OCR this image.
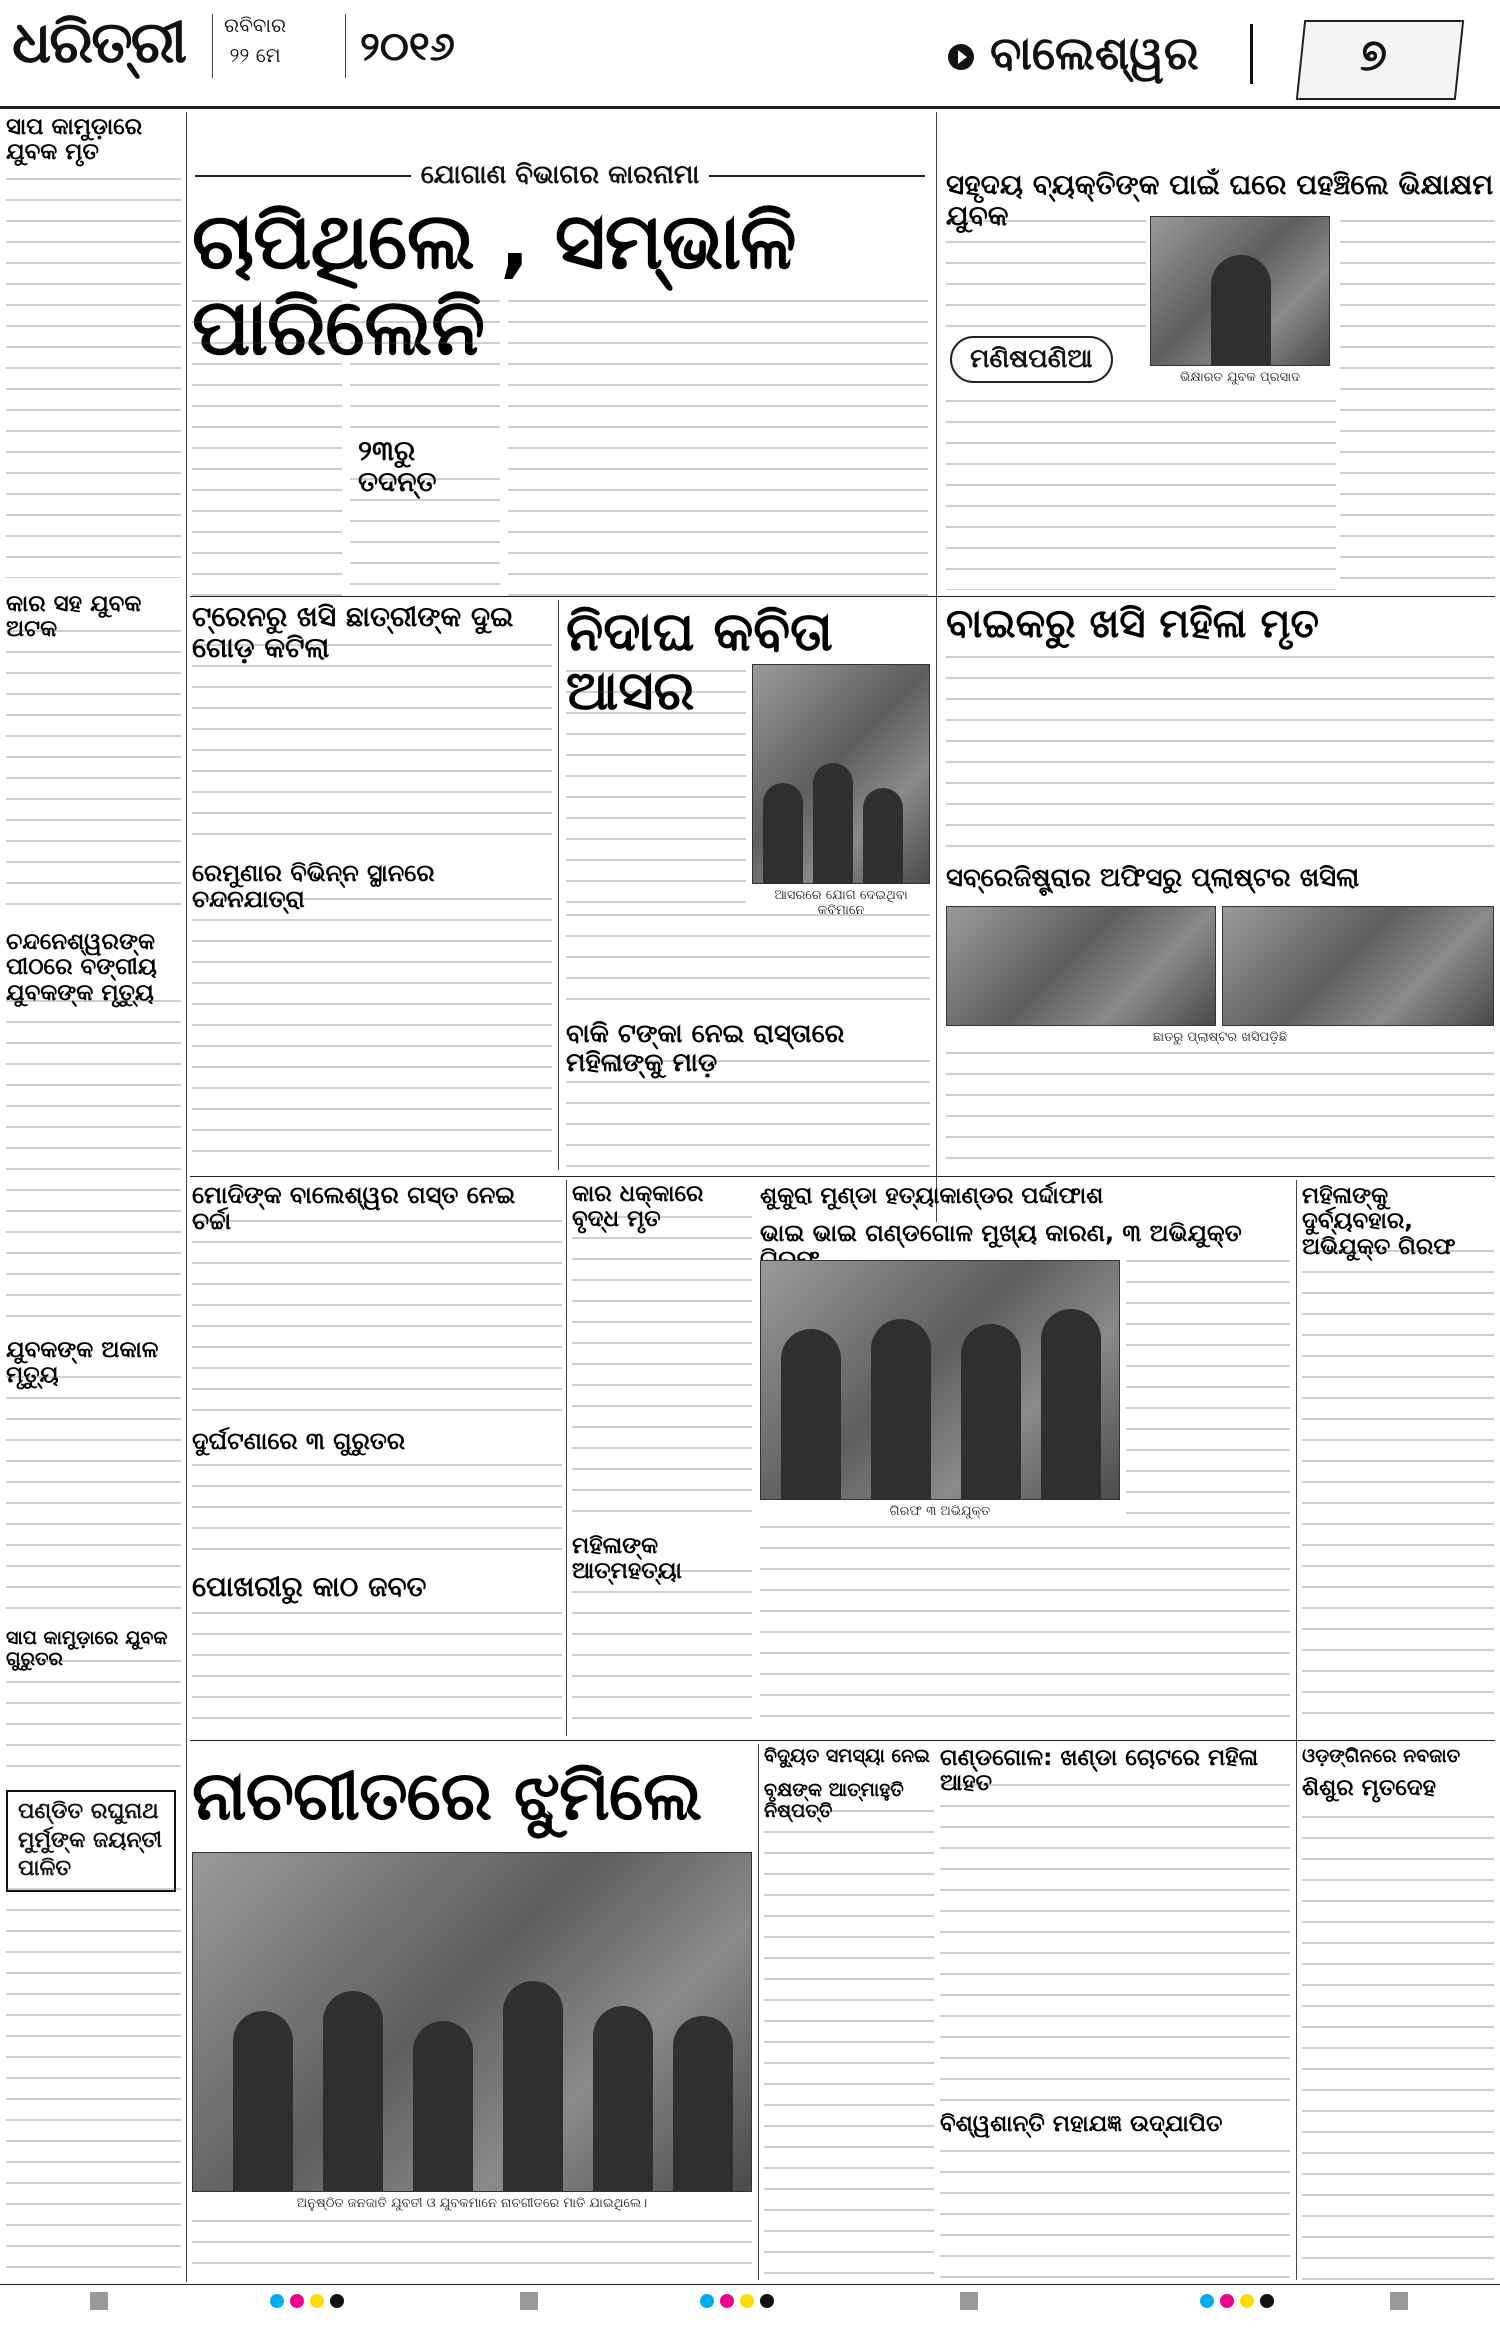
ଧରିତ୍ରୀ ରବିବାର
୨୨ ମେ ୨୦୧୬	ବାଲେଶ୍ୱର	୭
ସାପ କାମୁଡ଼ାରେ ଯୁବକ ମୃତ
କାର ସହ ଯୁବକ ଅଟକ
ଚନ୍ଦନେଶ୍ୱରଙ୍କ ପୀଠରେ ବଙ୍ଗୀୟ ଯୁବକଙ୍କ ମୃତ୍ୟୁ
ଯୁବକଙ୍କ ଅକାଳ ମୃତ୍ୟୁ
ସାପ କାମୁଡ଼ାରେ ଯୁବକ ଗୁରୁତର
ପଣ୍ଡିତ ରଘୁନାଥ ମୁର୍ମୁଙ୍କ ଜୟନ୍ତୀ ପାଳିତ
ଯୋଗାଣ ବିଭାଗର କାରନାମା
ଚାପିଥିଲେ , ସମ୍ଭାଳି ପାରିଲେନି
୨୩ରୁ ତଦନ୍ତ
ସହୃଦୟ ବ୍ୟକ୍ତିଙ୍କ ପାଇଁ ଘରେ ପହଞ୍ଚିଲେ ଭିକ୍ଷାକ୍ଷମ ଯୁବକ
ମଣିଷପଣିଆ
ଭିକ୍ଷାରତ ଯୁବକ ପ୍ରସାଦ
ଟ୍ରେନରୁ ଖସି ଛାତ୍ରୀଙ୍କ ଦୁଇ ଗୋଡ଼ କଟିଲା
ରେମୁଣାର ବିଭିନ୍ନ ସ୍ଥାନରେ ଚନ୍ଦନଯାତ୍ରା
ନିଦାଘ କବିତା ଆସର
ଆସରରେ ଯୋଗ ଦେଇଥିବା କବିମାନେ
ବାକି ଟଙ୍କା ନେଇ ରାସ୍ତାରେ ମହିଳାଙ୍କୁ ମାଡ଼
ବାଇକରୁ ଖସି ମହିଳା ମୃତ
ସବ୍‌ରେଜିଷ୍ଟ୍ରାର ଅଫିସରୁ ପ୍ଲାଷ୍ଟର ଖସିଲା
ଛାତରୁ ପ୍ଲାଷ୍ଟର ଖସିପଡ଼ିଛି
ମୋଦିଙ୍କ ବାଲେଶ୍ୱର ଗସ୍ତ ନେଇ ଚର୍ଚ୍ଚା
ଦୁର୍ଘଟଣାରେ ୩ ଗୁରୁତର
ପୋଖରୀରୁ କାଠ ଜବତ
କାର ଧକ୍କାରେ ବୃଦ୍ଧ ମୃତ
ମହିଳାଙ୍କ ଆତ୍ମହତ୍ୟା
ଶୁକୁରା ମୁଣ୍ଡା ହତ୍ୟାକାଣ୍ଡର ପର୍ଦ୍ଦାଫାଶ
ଭାଇ ଭାଇ ଗଣ୍ଡଗୋଳ ମୁଖ୍ୟ କାରଣ, ୩ ଅଭିଯୁକ୍ତ
ଗିରଫ ୩ ଅଭିଯୁକ୍ତ
ମହିଳାଙ୍କୁ ଦୁର୍ବ୍ୟବହାର, ଅଭିଯୁକ୍ତ ଗିରଫ
ନାଚଗୀତରେ ଝୁମିଲେ
ଅନୁଷ୍ଠିତ ଜନଜାତି ଯୁବତୀ ଓ ଯୁବକମାନେ ନାଚଗୀତରେ ମାତି ଯାଇଥିଲେ।
ବିଦ୍ୟୁତ ସମସ୍ୟା ନେଇ ଗଣ୍ଡଗୋଳ: ଖଣ୍ଡା ଚୋଟରେ ମହିଳା ଆହତ
ବୃକ୍ଷଙ୍କ ଆତ୍ମାହୁତି ନିଷ୍ପତ୍ତି
ବିଶ୍ୱଶାନ୍ତି ମହାଯଜ୍ଞ ଉଦ୍‌ଯାପିତ
ଓଡ଼ଙ୍ଗିନରେ ନବଜାତ
ଶିଶୁର ମୃତଦେହ
